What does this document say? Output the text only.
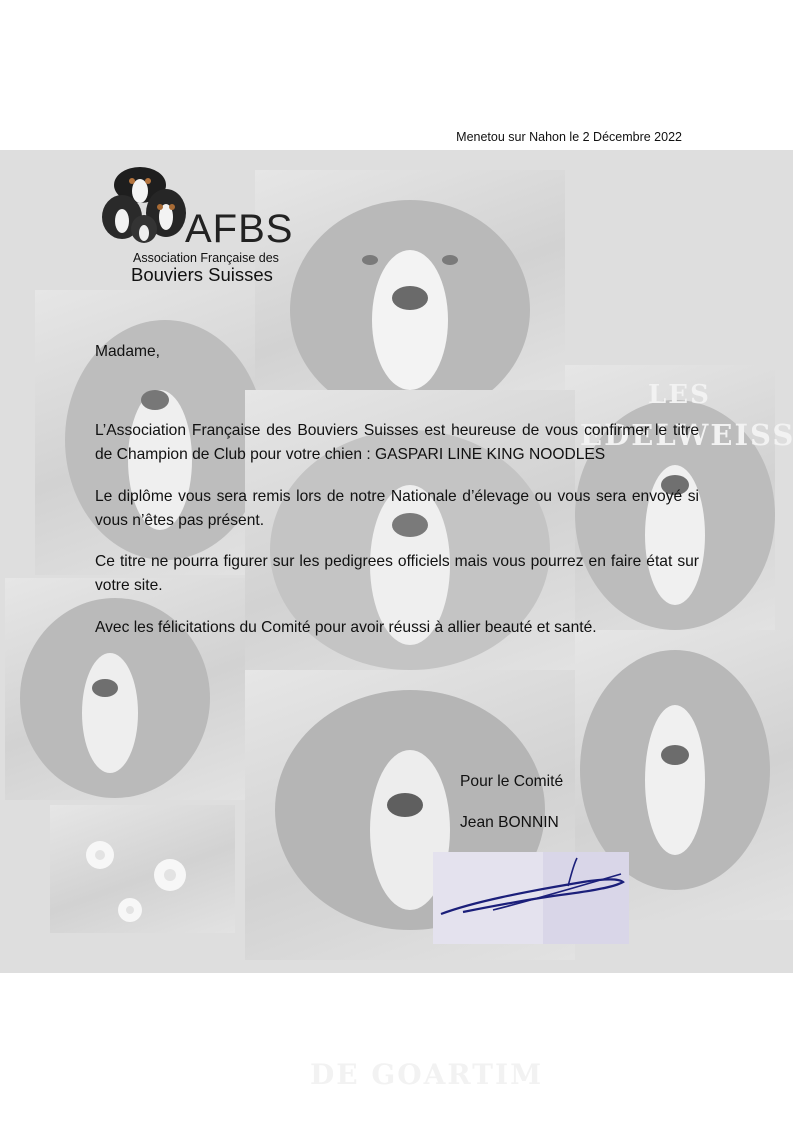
Menetou sur Nahon le 2 Décembre 2022
LES
EDELWEISS
DE GOARTIM
AFBS
Association Française des
Bouviers Suisses
Madame,
L’Association Française des Bouviers Suisses est heureuse de vous confirmer le titre de Champion de Club pour votre chien : GASPARI LINE KING NOODLES
Le diplôme vous sera remis lors de notre Nationale d’élevage ou vous sera envoyé si vous n’êtes pas présent.
Ce titre ne pourra figurer sur les pedigrees officiels mais vous pourrez en faire état sur votre site.
Avec les félicitations du Comité pour avoir réussi à allier beauté et santé.
Pour le Comité
Jean BONNIN
